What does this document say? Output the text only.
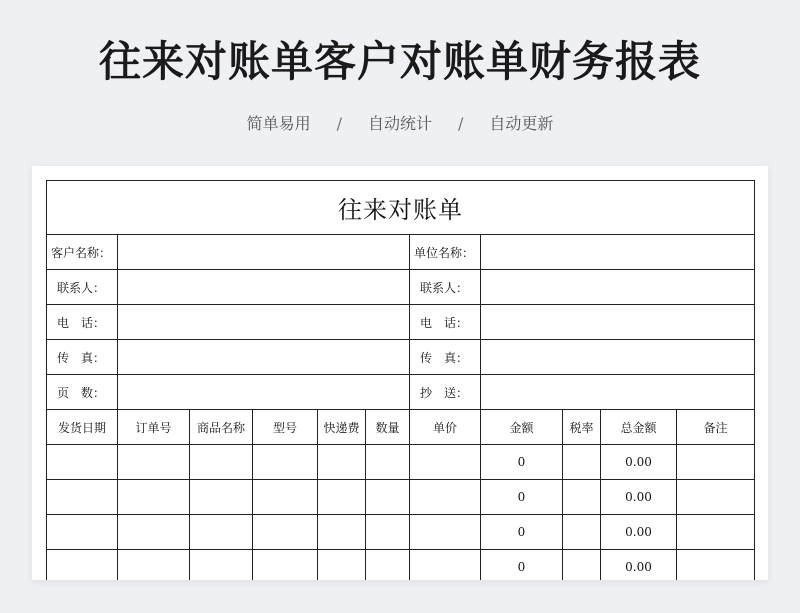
往来对账单客户对账单财务报表
简单易用 / 自动统计 / 自动更新
往来对账单										
客户名称：						单位名称：				
联系人：						联系人：				
电　话：						电　话：				
传　真：						传　真：				
页　数：						抄　送：				
发货日期	订单号	商品名称	型号	快递费	数量	单价	金额	税率	总金额	备注
							0		0.00	
							0		0.00	
							0		0.00	
							0		0.00	
